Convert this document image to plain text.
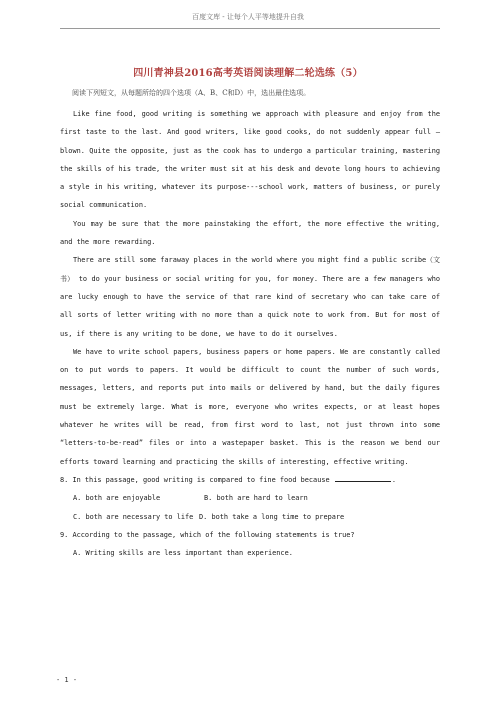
百度文库 - 让每个人平等地提升自我
四川青神县2016高考英语阅读理解二轮选练（5）

阅读下列短文，从每题所给的四个选项（A、B、C和D）中，选出最佳选项。

Like fine food, good writing is something we approach with pleasure and enjoy from the first taste to the last. And good writers, like good cooks, do not suddenly appear full – blown. Quite the opposite, just as the cook has to undergo a particular training, mastering the skills of his trade, the writer must sit at his desk and devote long hours to achieving a style in his writing, whatever its purpose---school work, matters of business, or purely social communication.

You may be sure that the more painstaking the effort, the more effective the writing, and the more rewarding.

There are still some faraway places in the world where you might find a public scribe（文书） to do your business or social writing for you, for money. There are a few managers who are lucky enough to have the service of that rare kind of secretary who can take care of all sorts of letter writing with no more than a quick note to work from. But for most of us, if there is any writing to be done, we have to do it ourselves.

We have to write school papers, business papers or home papers. We are constantly called on to put words to papers. It would be difficult to count the number of such words, messages, letters, and reports put into mails or delivered by hand, but the daily figures must be extremely large. What is more, everyone who writes expects, or at least hopes whatever he writes will be read, from first word to last, not just thrown into some “letters-to-be-read” files or into a wastepaper basket. This is the reason we bend our efforts toward learning and practicing the skills of interesting, effective writing.

8. In this passage, good writing is compared to fine food because	.

A. both are enjoyable	B. both are hard to learn

C. both are necessary to life D. both take a long time to prepare

9. According to the passage, which of the following statements is true?

A. Writing skills are less important than experience.

- 1 -
